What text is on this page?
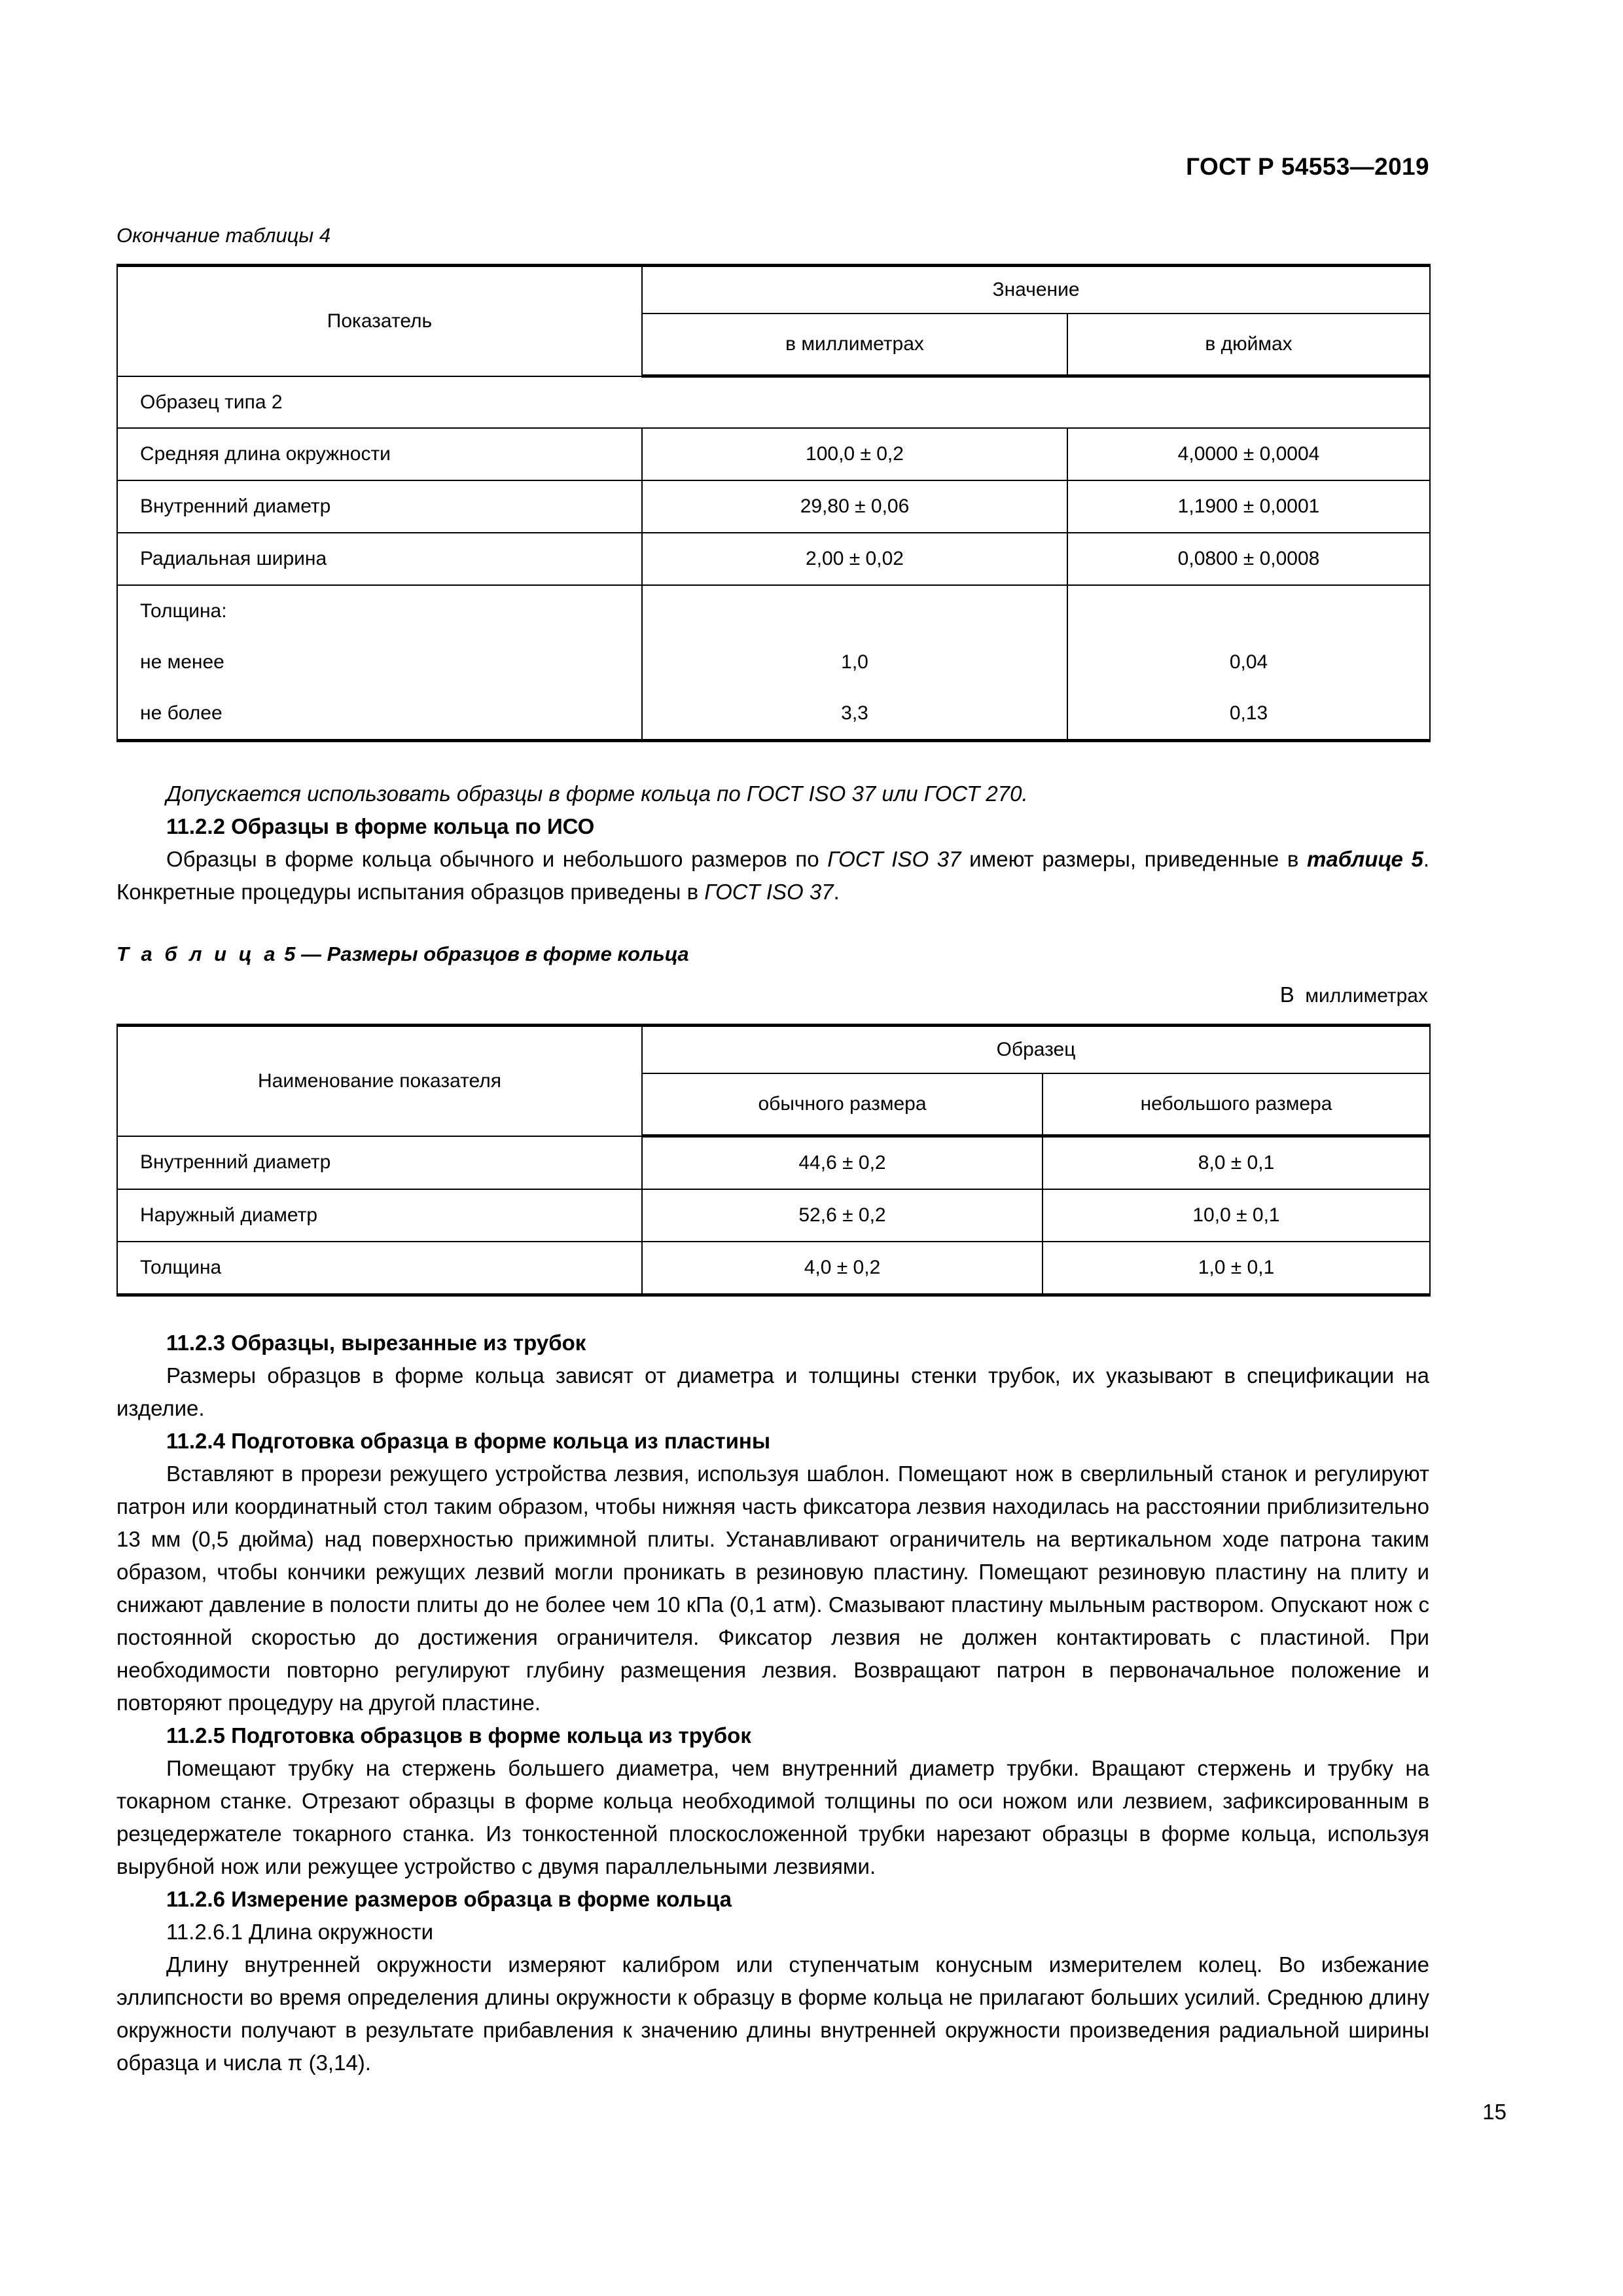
ГОСТ Р 54553—2019
Окончание таблицы 4
Показатель	Значение	
	в миллиметрах	в дюймах
Образец типа 2		
Средняя длина окружности	100,0 ± 0,2	4,0000 ± 0,0004
Внутренний диаметр	29,80 ± 0,06	1,1900 ± 0,0001
Радиальная ширина	2,00 ± 0,02	0,0800 ± 0,0008
Толщина:		
не менее	1,0	0,04
не более	3,3	0,13

Допускается использовать образцы в форме кольца по ГОСТ ISO 37 или ГОСТ 270.

11.2.2 Образцы в форме кольца по ИСО

Образцы в форме кольца обычного и небольшого размеров по ГОСТ ISO 37 имеют размеры, приведенные в таблице 5. Конкретные процедуры испытания образцов приведены в ГОСТ ISO 37.

Т а б л и ц а 5 — Размеры образцов в форме кольца
В миллиметрах
Наименование показателя	Образец	
	обычного размера	небольшого размера
Внутренний диаметр	44,6 ± 0,2	8,0 ± 0,1
Наружный диаметр	52,6 ± 0,2	10,0 ± 0,1
Толщина	4,0 ± 0,2	1,0 ± 0,1

11.2.3 Образцы, вырезанные из трубок

Размеры образцов в форме кольца зависят от диаметра и толщины стенки трубок, их указывают в спецификации на изделие.

11.2.4 Подготовка образца в форме кольца из пластины

Вставляют в прорези режущего устройства лезвия, используя шаблон. Помещают нож в сверлильный станок и регулируют патрон или координатный стол таким образом, чтобы нижняя часть фиксатора лезвия находилась на расстоянии приблизительно 13 мм (0,5 дюйма) над поверхностью прижимной плиты. Устанавливают ограничитель на вертикальном ходе патрона таким образом, чтобы кончики режущих лезвий могли проникать в резиновую пластину. Помещают резиновую пластину на плиту и снижают давление в полости плиты до не более чем 10 кПа (0,1 атм). Смазывают пластину мыльным раствором. Опускают нож с постоянной скоростью до достижения ограничителя. Фиксатор лезвия не должен контактировать с пластиной. При необходимости повторно регулируют глубину размещения лезвия. Возвращают патрон в первоначальное положение и повторяют процедуру на другой пластине.

11.2.5 Подготовка образцов в форме кольца из трубок

Помещают трубку на стержень большего диаметра, чем внутренний диаметр трубки. Вращают стержень и трубку на токарном станке. Отрезают образцы в форме кольца необходимой толщины по оси ножом или лезвием, зафиксированным в резцедержателе токарного станка. Из тонкостенной плоскосложенной трубки нарезают образцы в форме кольца, используя вырубной нож или режущее устройство с двумя параллельными лезвиями.

11.2.6 Измерение размеров образца в форме кольца

11.2.6.1 Длина окружности

Длину внутренней окружности измеряют калибром или ступенчатым конусным измерителем колец. Во избежание эллипсности во время определения длины окружности к образцу в форме кольца не прилагают больших усилий. Среднюю длину окружности получают в результате прибавления к значению длины внутренней окружности произведения радиальной ширины образца и числа π (3,14).

15
